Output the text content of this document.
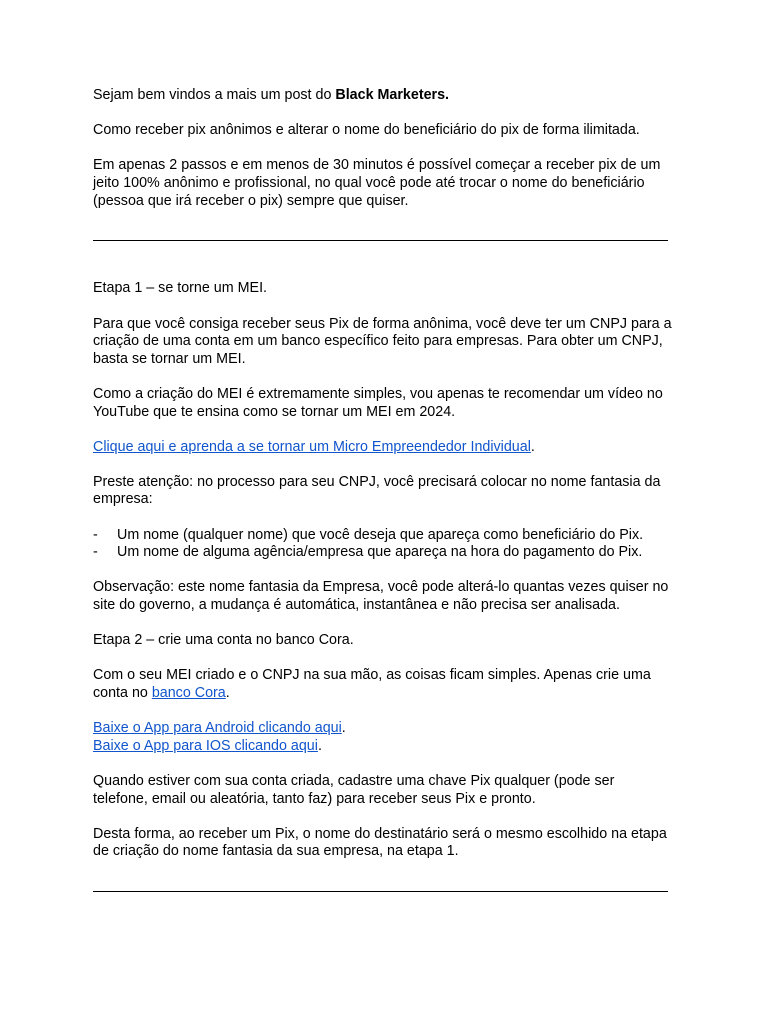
Sejam bem vindos a mais um post do Black Marketers.

Como receber pix anônimos e alterar o nome do beneficiário do pix de forma ilimitada.

Em apenas 2 passos e em menos de 30 minutos é possível começar a receber pix de um jeito 100% anônimo e profissional, no qual você pode até trocar o nome do beneficiário (pessoa que irá receber o pix) sempre que quiser.

Etapa 1 – se torne um MEI.

Para que você consiga receber seus Pix de forma anônima, você deve ter um CNPJ para a criação de uma conta em um banco específico feito para empresas. Para obter um CNPJ, basta se tornar um MEI.

Como a criação do MEI é extremamente simples, vou apenas te recomendar um vídeo no YouTube que te ensina como se tornar um MEI em 2024.

Clique aqui e aprenda a se tornar um Micro Empreendedor Individual.

Preste atenção: no processo para seu CNPJ, você precisará colocar no nome fantasia da empresa:

- Um nome (qualquer nome) que você deseja que apareça como beneficiário do Pix.
- Um nome de alguma agência/empresa que apareça na hora do pagamento do Pix.

Observação: este nome fantasia da Empresa, você pode alterá-lo quantas vezes quiser no site do governo, a mudança é automática, instantânea e não precisa ser analisada.

Etapa 2 – crie uma conta no banco Cora.

Com o seu MEI criado e o CNPJ na sua mão, as coisas ficam simples. Apenas crie uma conta no banco Cora.

Baixe o App para Android clicando aqui.
Baixe o App para IOS clicando aqui.

Quando estiver com sua conta criada, cadastre uma chave Pix qualquer (pode ser telefone, email ou aleatória, tanto faz) para receber seus Pix e pronto.

Desta forma, ao receber um Pix, o nome do destinatário será o mesmo escolhido na etapa de criação do nome fantasia da sua empresa, na etapa 1.
